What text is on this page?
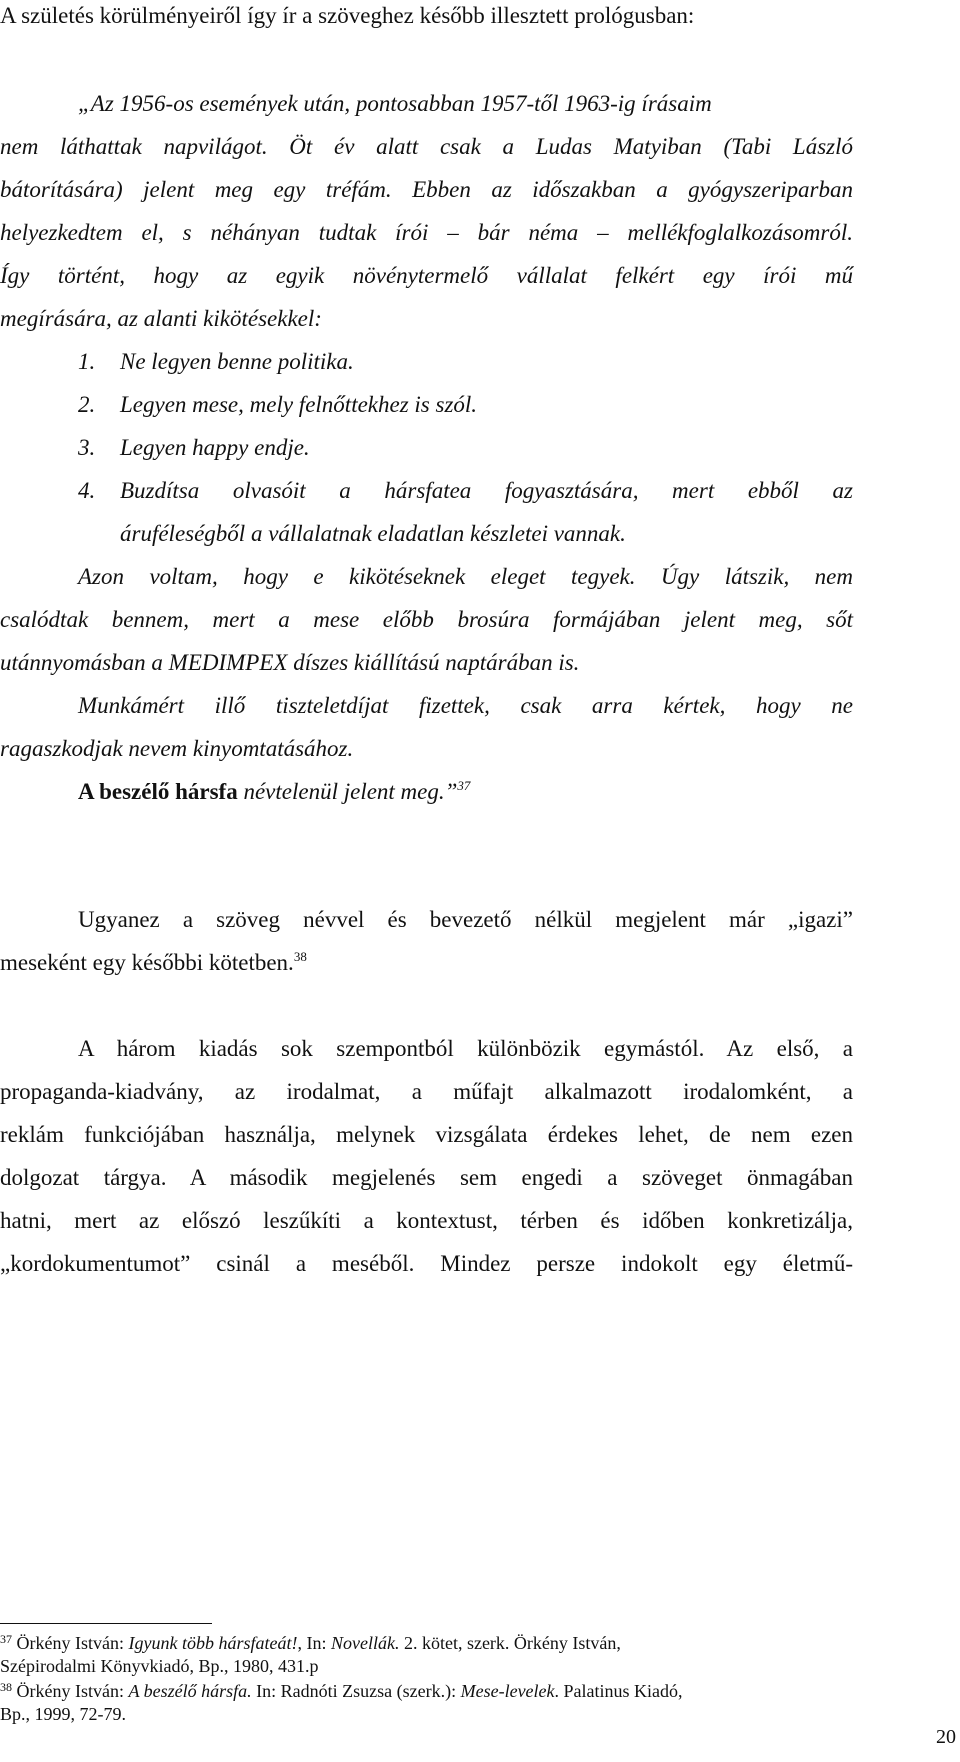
A születés körülményeiről így ír a szöveghez később illesztett prológusban:
„Az 1956-os események után, pontosabban 1957-től 1963-ig írásaim
nem láthattak napvilágot. Öt év alatt csak a Ludas Matyiban (Tabi László
bátorítására) jelent meg egy tréfám. Ebben az időszakban a gyógyszeriparban
helyezkedtem el, s néhányan tudtak írói – bár néma – mellékfoglalkozásomról.
Így történt, hogy az egyik növénytermelő vállalat felkért egy írói mű
megírására, az alanti kikötésekkel:
1. Ne legyen benne politika.
2. Legyen mese, mely felnőttekhez is szól.
3. Legyen happy endje.
4. Buzdítsa olvasóit a hársfatea fogyasztására, mert ebből az
áruféleségből a vállalatnak eladatlan készletei vannak.
Azon voltam, hogy e kikötéseknek eleget tegyek. Úgy látszik, nem
csalódtak bennem, mert a mese előbb brosúra formájában jelent meg, sőt
utánnyomásban a MEDIMPEX díszes kiállítású naptárában is.
Munkámért illő tiszteletdíjat fizettek, csak arra kértek, hogy ne
ragaszkodjak nevem kinyomtatásához.
A beszélő hársfa névtelenül jelent meg.”$^{37}$
Ugyanez a szöveg névvel és bevezető nélkül megjelent már „igazi”
meseként egy későbbi kötetben.$^{38}$
A három kiadás sok szempontból különbözik egymástól. Az első, a
propaganda-kiadvány, az irodalmat, a műfajt alkalmazott irodalomként, a
reklám funkciójában használja, melynek vizsgálata érdekes lehet, de nem ezen
dolgozat tárgya. A második megjelenés sem engedi a szöveget önmagában
hatni, mert az előszó leszűkíti a kontextust, térben és időben konkretizálja,
„kordokumentumot” csinál a meséből. Mindez persze indokolt egy életmű-
$^{37}$ Örkény István: Igyunk több hársfateát!, In: Novellák. 2. kötet, szerk. Örkény István,
Szépirodalmi Könyvkiadó, Bp., 1980, 431.p
$^{38}$ Örkény István: A beszélő hársfa. In: Radnóti Zsuzsa (szerk.): Mese-levelek. Palatinus Kiadó,
Bp., 1999, 72-79.
20
